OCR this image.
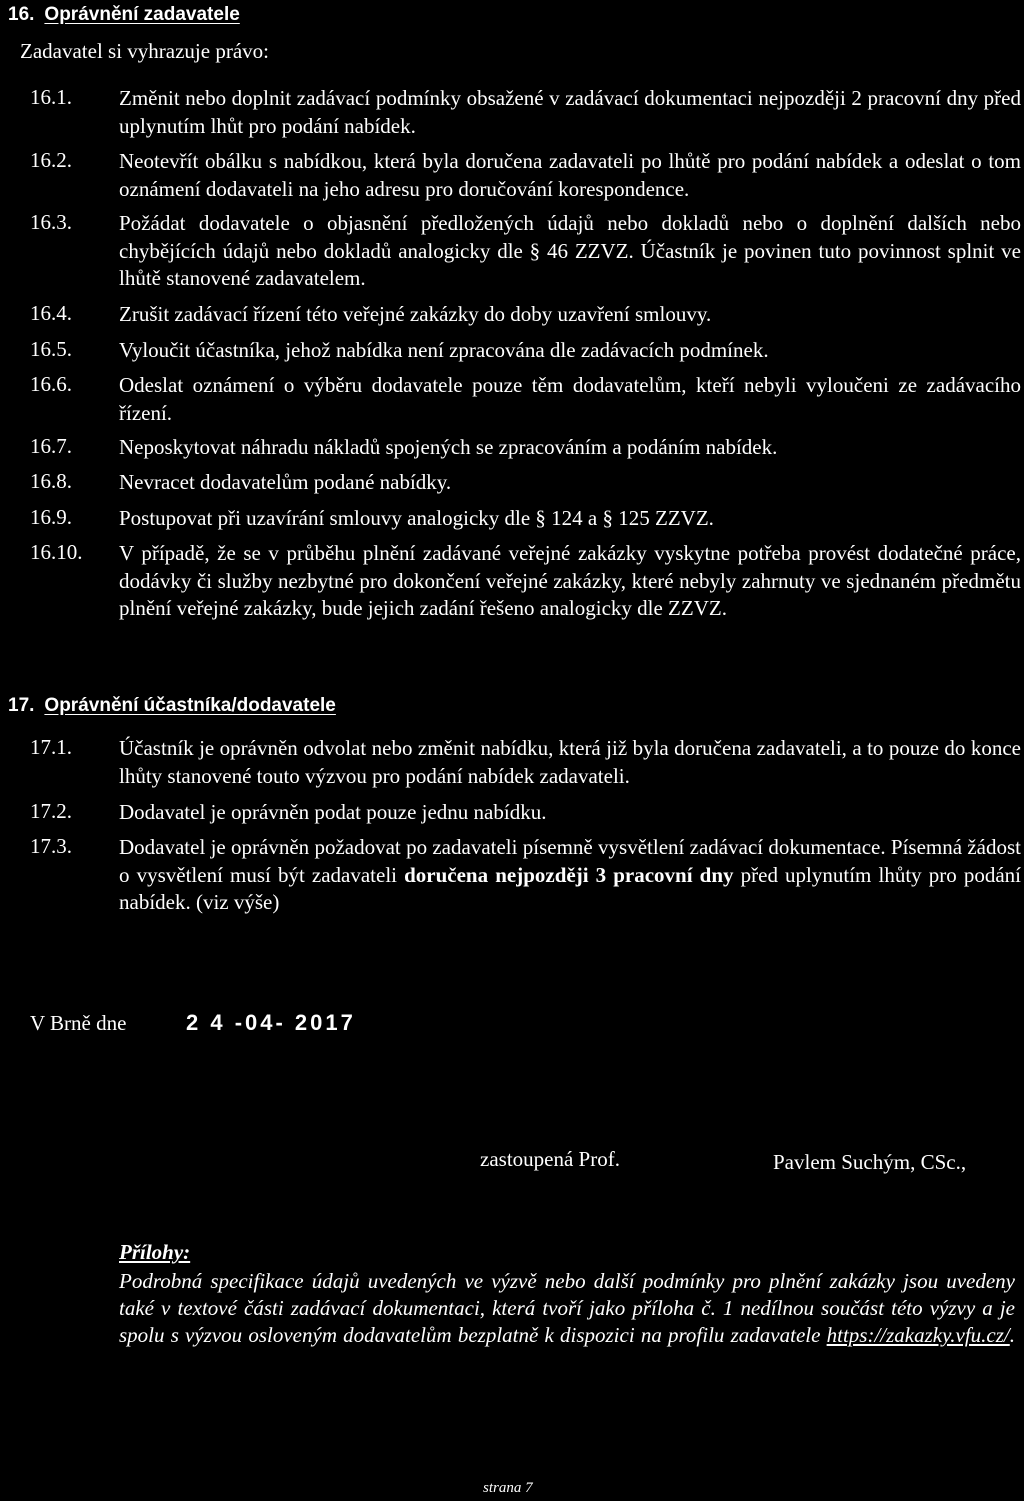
16. Oprávnění zadavatele
Zadavatel si vyhrazuje právo:
16.1. Změnit nebo doplnit zadávací podmínky obsažené v zadávací dokumentaci nejpozději 2 pracovní dny před uplynutím lhůt pro podání nabídek.
16.2. Neotevřít obálku s nabídkou, která byla doručena zadavateli po lhůtě pro podání nabídek a odeslat o tom oznámení dodavateli na jeho adresu pro doručování korespondence.
16.3. Požádat dodavatele o objasnění předložených údajů nebo dokladů nebo o doplnění dalších nebo chybějících údajů nebo dokladů analogicky dle § 46 ZZVZ. Účastník je povinen tuto povinnost splnit ve lhůtě stanovené zadavatelem.
16.4. Zrušit zadávací řízení této veřejné zakázky do doby uzavření smlouvy.
16.5. Vyloučit účastníka, jehož nabídka není zpracována dle zadávacích podmínek.
16.6. Odeslat oznámení o výběru dodavatele pouze těm dodavatelům, kteří nebyli vyloučeni ze zadávacího řízení.
16.7. Neposkytovat náhradu nákladů spojených se zpracováním a podáním nabídek.
16.8. Nevracet dodavatelům podané nabídky.
16.9. Postupovat při uzavírání smlouvy analogicky dle § 124 a § 125 ZZVZ.
16.10. V případě, že se v průběhu plnění zadávané veřejné zakázky vyskytne potřeba provést dodatečné práce, dodávky či služby nezbytné pro dokončení veřejné zakázky, které nebyly zahrnuty ve sjednaném předmětu plnění veřejné zakázky, bude jejich zadání řešeno analogicky dle ZZVZ.
17. Oprávnění účastníka/dodavatele
17.1. Účastník je oprávněn odvolat nebo změnit nabídku, která již byla doručena zadavateli, a to pouze do konce lhůty stanovené touto výzvou pro podání nabídek zadavateli.
17.2. Dodavatel je oprávněn podat pouze jednu nabídku.
17.3. Dodavatel je oprávněn požadovat po zadavateli písemně vysvětlení zadávací dokumentace. Písemná žádost o vysvětlení musí být zadavateli doručena nejpozději 3 pracovní dny před uplynutím lhůty pro podání nabídek. (viz výše)
V Brně dne	2 4 -04- 2017
zastoupená Prof.	Pavlem Suchým, CSc.,
Přílohy:
Podrobná specifikace údajů uvedených ve výzvě nebo další podmínky pro plnění zakázky jsou uvedeny také v textové části zadávací dokumentaci, která tvoří jako příloha č. 1 nedílnou součást této výzvy a je spolu s výzvou osloveným dodavatelům bezplatně k dispozici na profilu zadavatele https://zakazky.vfu.cz/.
strana 7
